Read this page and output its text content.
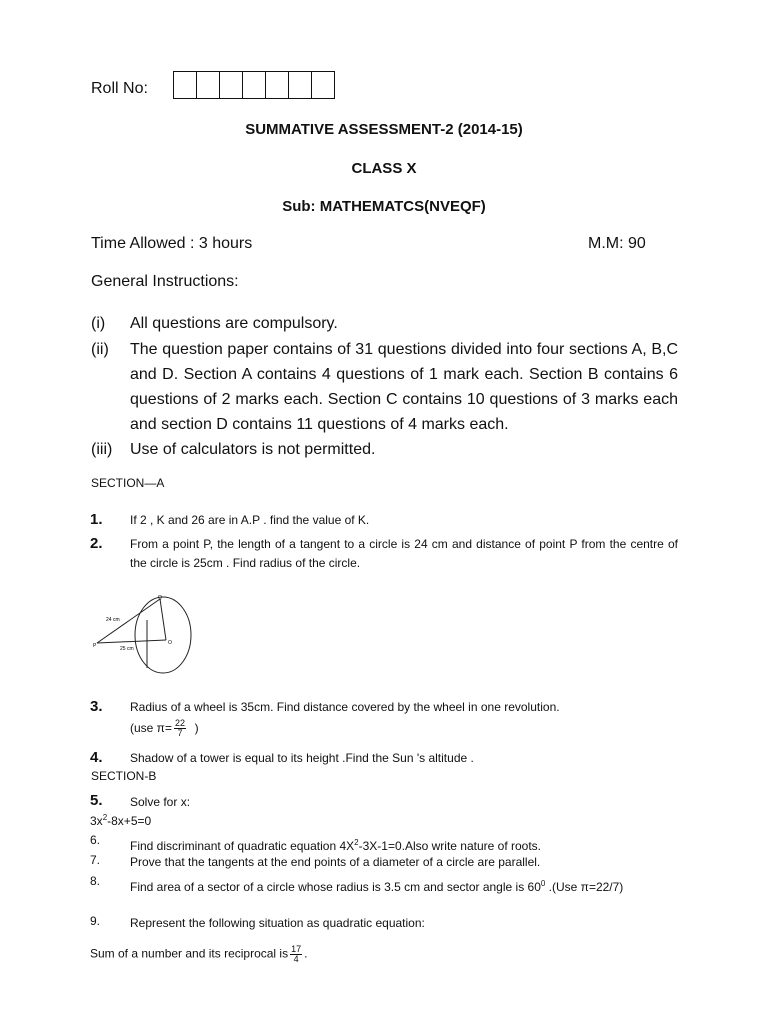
Roll No:
SUMMATIVE ASSESSMENT-2 (2014-15)
CLASS X
Sub: MATHEMATCS(NVEQF)
Time Allowed : 3 hours	M.M: 90
General Instructions:
(i) All questions are compulsory.
(ii) The question paper contains of 31 questions divided into four sections A, B,C and D. Section A contains 4 questions of 1 mark each. Section B contains 6 questions of 2 marks each. Section C contains 10 questions of 3 marks each and section D contains 11 questions of 4 marks each.
(iii) Use of calculators is not permitted.
SECTION—A
1. If 2 , K and 26 are in A.P . find the value of K.
2. From a point P, the length of a tangent to a circle is 24 cm and distance of point P from the centre of the circle is 25cm . Find radius of the circle.
24 cm
25 cm
P
Q
O
3. Radius of a wheel is 35cm. Find distance covered by the wheel in one revolution.
(use $\pi= \frac{22}{7}$ )
4. Shadow of a tower is equal to its height .Find the Sun 's altitude .
SECTION-B
5. Solve for x:
$3x^2-8x+5=0$
6. Find discriminant of quadratic equation $4X^2-3X-1=0.Also$ write nature of roots.
7. Prove that the tangents at the end points of a diameter of a circle are parallel.
8. Find area of a sector of a circle whose radius is 3.5 cm and sector angle is $60^0$ .(Use π=22/7)
9. Represent the following situation as quadratic equation:
Sum of a number and its reciprocal is $\frac{17}{4}$ .
